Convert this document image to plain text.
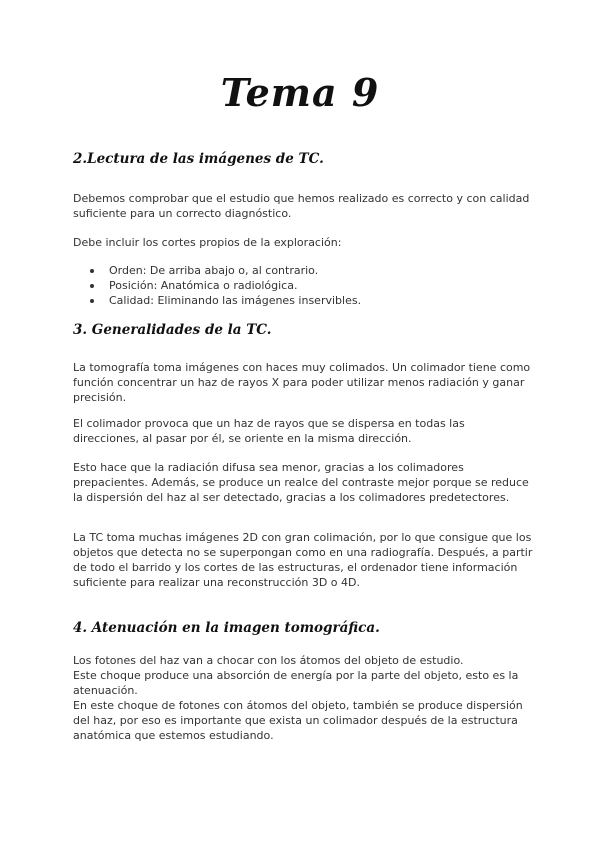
Tema 9
2.Lectura de las imágenes de TC.
Debemos comprobar que el estudio que hemos realizado es correcto y con calidad suficiente para un correcto diagnóstico.
Debe incluir los cortes propios de la exploración:
Orden: De arriba abajo o, al contrario.
Posición: Anatómica o radiológica.
Calidad: Eliminando las imágenes inservibles.
3. Generalidades de la TC.
La tomografía toma imágenes con haces muy colimados. Un colimador tiene como función concentrar un haz de rayos X para poder utilizar menos radiación y ganar precisión.
El colimador provoca que un haz de rayos que se dispersa en todas las direcciones, al pasar por él, se oriente en la misma dirección.
Esto hace que la radiación difusa sea menor, gracias a los colimadores prepacientes. Además, se produce un realce del contraste mejor porque se reduce la dispersión del haz al ser detectado, gracias a los colimadores predetectores.
La TC toma muchas imágenes 2D con gran colimación, por lo que consigue que los objetos que detecta no se superpongan como en una radiografía. Después, a partir de todo el barrido y los cortes de las estructuras, el ordenador tiene información suficiente para realizar una reconstrucción 3D o 4D.
4. Atenuación en la imagen tomográfica.
Los fotones del haz van a chocar con los átomos del objeto de estudio.
Este choque produce una absorción de energía por la parte del objeto, esto es la atenuación.
En este choque de fotones con átomos del objeto, también se produce dispersión del haz, por eso es importante que exista un colimador después de la estructura anatómica que estemos estudiando.
